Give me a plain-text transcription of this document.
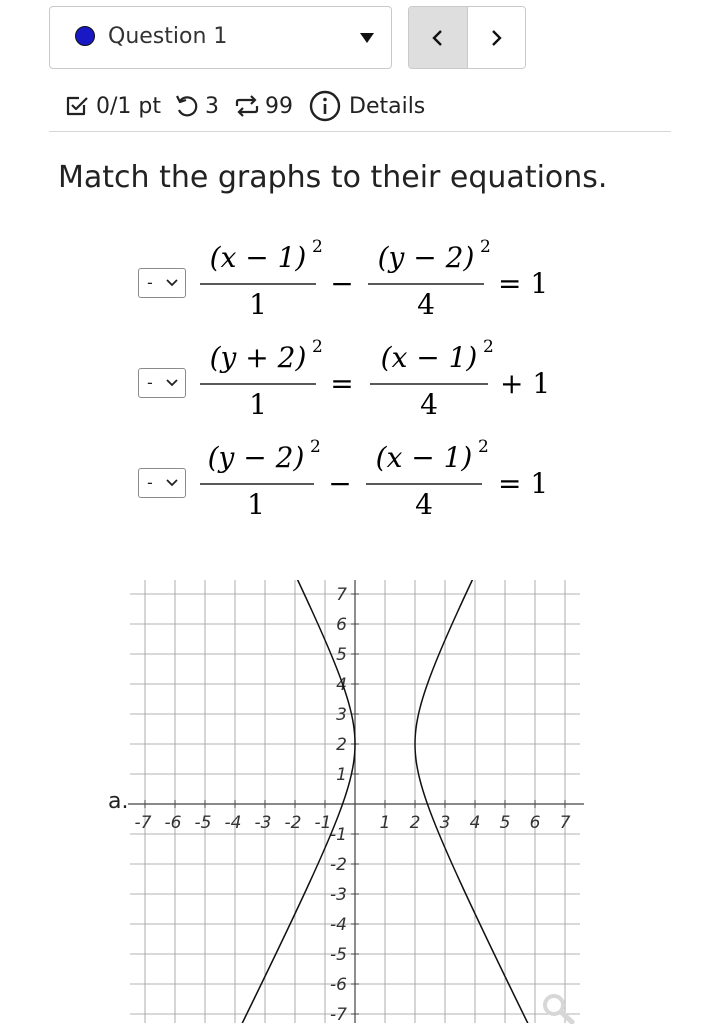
Question 1
0/1 pt 3 99	Details
Match the graphs to their equations.
-
(x − 1) 2
1
−
(y − 2) 2
4
= 1
-
(y + 2) 2
1
=
(x − 1) 2
4
+ 1
-
(y − 2) 2
1
−
(x − 1) 2
4
= 1
a.
-7 -6 -5 -4 -3 -2 -1	1 2 3 4 5 6 7
7
6
5
4
3
2
1
-1
-2
-3
-4
-5
-6
-7
